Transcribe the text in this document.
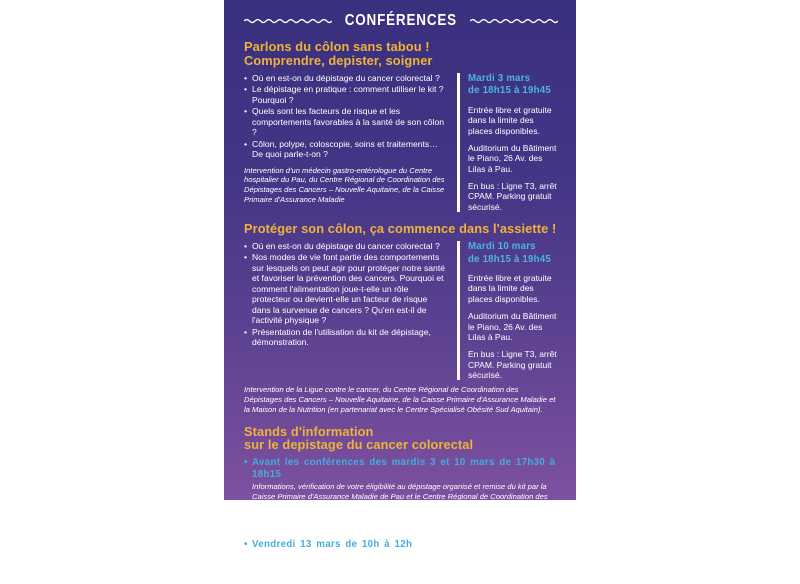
CONFÉRENCES
Parlons du côlon sans tabou !
Comprendre, depister, soigner
• Où en est-on du dépistage du cancer colorectal ?
• Le dépistage en pratique : comment utiliser le kit ? Pourquoi ?
• Quels sont les facteurs de risque et les comportements favorables à la santé de son côlon ?
• Côlon, polype, coloscopie, soins et traitements… De quoi parle-t-on ?
Intervention d'un médecin gastro-entérologue du Centre hospitalier du Pau, du Centre Régional de Coordination des Dépistages des Cancers – Nouvelle Aquitaine, de la Caisse Primaire d'Assurance Maladie
Mardi 3 mars
de 18h15 à 19h45
Entrée libre et gratuite dans la limite des places disponibles.
Auditorium du Bâtiment le Piano, 26 Av. des Lilas à Pau.
En bus : Ligne T3, arrêt CPAM. Parking gratuit sécurisé.
Protéger son côlon, ça commence dans l'assiette !
• Où en est-on du dépistage du cancer colorectal ?
• Nos modes de vie font partie des comportements sur lesquels on peut agir pour protéger notre santé et favoriser la prévention des cancers. Pourquoi et comment l'alimentation joue-t-elle un rôle protecteur ou devient-elle un facteur de risque dans la survenue de cancers ? Qu'en est-il de l'activité physique ?
• Présentation de l'utilisation du kit de dépistage, démonstration.
Mardi 10 mars
de 18h15 à 19h45
Entrée libre et gratuite dans la limite des places disponibles.
Auditorium du Bâtiment le Piano, 26 Av. des Lilas à Pau.
En bus : Ligne T3, arrêt CPAM. Parking gratuit sécurisé.
Intervention de la Ligue contre le cancer, du Centre Régional de Coordination des Dépistages des Cancers – Nouvelle Aquitaine, de la Caisse Primaire d'Assurance Maladie et la Maison de la Nutrition (en partenariat avec le Centre Spécialisé Obésité Sud Aquitain).
Stands d'information
sur le depistage du cancer colorectal
• Avant les conférences des mardis 3 et 10 mars de 17h30 à 18h15
Informations, vérification de votre éligibilité au dépistage organisé et remise du kit par la Caisse Primaire d'Assurance Maladie de Pau et le Centre Régional de Coordination des Dépistages des Cancers – Nouvelle Aquitaine
Hall du bâtiment Le Piano, 26 avenue des Lilas à Pau - En bus : Ligne T3, arrêt CPAM | Parking gratuit sécurisé.
• Vendredi 13 mars de 10h à 12h
Informations, vérification de votre éligibilité au dépistage organisé et modalités pour remise du kit par la Caisse Primaire d'Assurance Maladie de Pau.
Halles de Pau, 8 rue Carnot à Pau.
